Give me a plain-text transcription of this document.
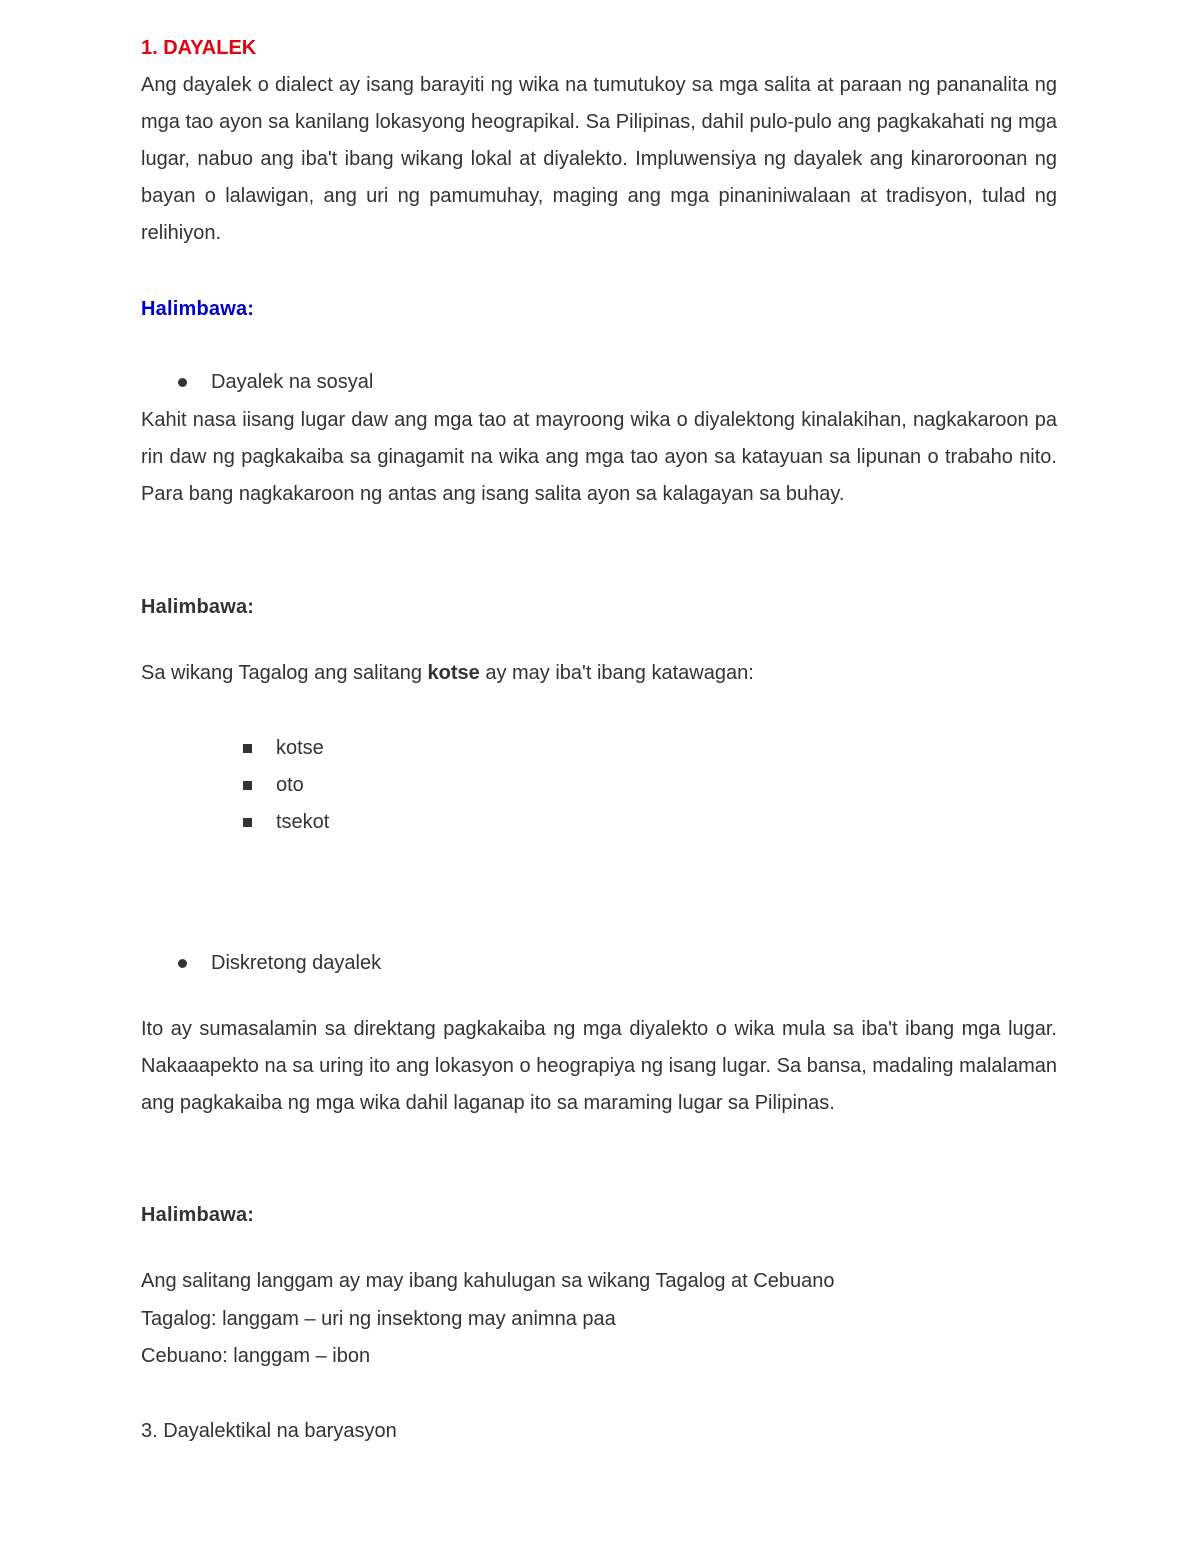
1. DAYALEK

Ang dayalek o dialect ay isang barayiti ng wika na tumutukoy sa mga salita at paraan ng pananalita ng mga tao ayon sa kanilang lokasyong heograpikal. Sa Pilipinas, dahil pulo-pulo ang pagkakahati ng mga lugar, nabuo ang iba't ibang wikang lokal at diyalekto. Impluwensiya ng dayalek ang kinaroroonan ng bayan o lalawigan, ang uri ng pamumuhay, maging ang mga pinaniniwalaan at tradisyon, tulad ng relihiyon.

Halimbawa:

Dayalek na sosyal

Kahit nasa iisang lugar daw ang mga tao at mayroong wika o diyalektong kinalakihan, nagkakaroon pa rin daw ng pagkakaiba sa ginagamit na wika ang mga tao ayon sa katayuan sa lipunan o trabaho nito. Para bang nagkakaroon ng antas ang isang salita ayon sa kalagayan sa buhay.

Halimbawa:

Sa wikang Tagalog ang salitang kotse ay may iba't ibang katawagan:

kotse
oto
tsekot
Diskretong dayalek

Ito ay sumasalamin sa direktang pagkakaiba ng mga diyalekto o wika mula sa iba't ibang mga lugar. Nakaaapekto na sa uring ito ang lokasyon o heograpiya ng isang lugar. Sa bansa, madaling malalaman ang pagkakaiba ng mga wika dahil laganap ito sa maraming lugar sa Pilipinas.

Halimbawa:

Ang salitang langgam ay may ibang kahulugan sa wikang Tagalog at Cebuano

Tagalog: langgam – uri ng insektong may animna paa

Cebuano: langgam – ibon

3. Dayalektikal na baryasyon
